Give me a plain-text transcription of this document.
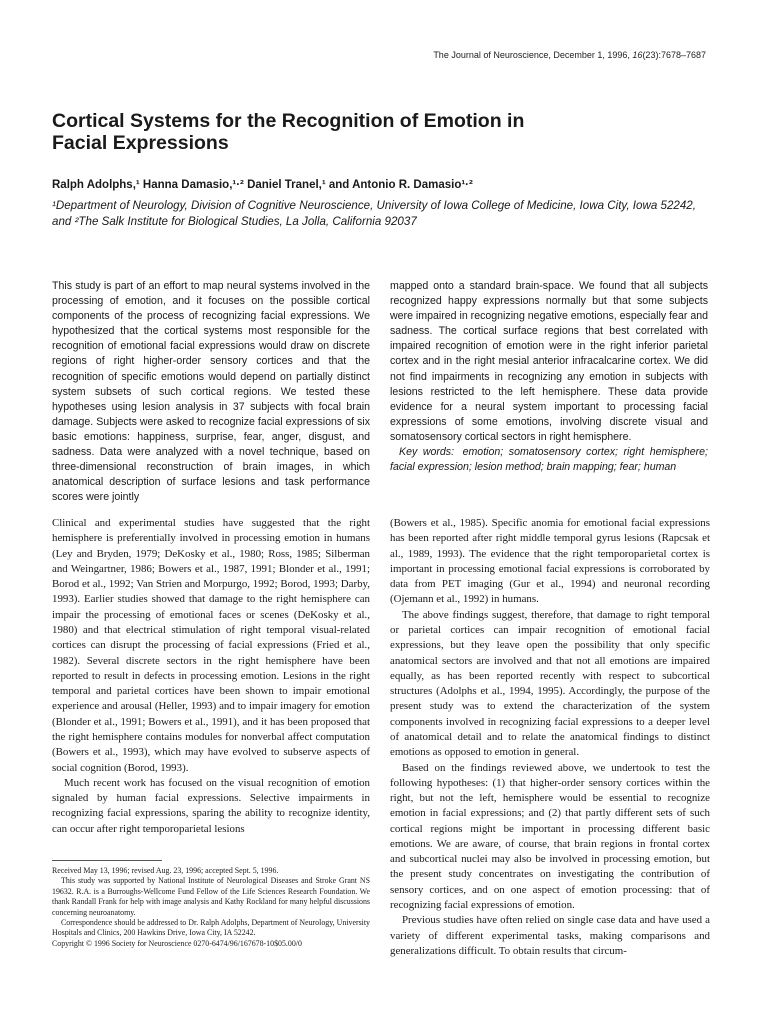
The Journal of Neuroscience, December 1, 1996, 16(23):7678–7687
Cortical Systems for the Recognition of Emotion in
Facial Expressions
Ralph Adolphs,¹ Hanna Damasio,¹·² Daniel Tranel,¹ and Antonio R. Damasio¹·²
¹Department of Neurology, Division of Cognitive Neuroscience, University of Iowa College of Medicine, Iowa City, Iowa 52242, and ²The Salk Institute for Biological Studies, La Jolla, California 92037
This study is part of an effort to map neural systems involved in the processing of emotion, and it focuses on the possible cortical components of the process of recognizing facial expressions. We hypothesized that the cortical systems most responsible for the recognition of emotional facial expressions would draw on discrete regions of right higher-order sensory cortices and that the recognition of specific emotions would depend on partially distinct system subsets of such cortical regions. We tested these hypotheses using lesion analysis in 37 subjects with focal brain damage. Subjects were asked to recognize facial expressions of six basic emotions: happiness, surprise, fear, anger, disgust, and sadness. Data were analyzed with a novel technique, based on three-dimensional reconstruction of brain images, in which anatomical description of surface lesions and task performance scores were jointly
mapped onto a standard brain-space. We found that all subjects recognized happy expressions normally but that some subjects were impaired in recognizing negative emotions, especially fear and sadness. The cortical surface regions that best correlated with impaired recognition of emotion were in the right inferior parietal cortex and in the right mesial anterior infracalcarine cortex. We did not find impairments in recognizing any emotion in subjects with lesions restricted to the left hemisphere. These data provide evidence for a neural system important to processing facial expressions of some emotions, involving discrete visual and somatosensory cortical sectors in right hemisphere.
Key words: emotion; somatosensory cortex; right hemisphere; facial expression; lesion method; brain mapping; fear; human

Clinical and experimental studies have suggested that the right hemisphere is preferentially involved in processing emotion in humans (Ley and Bryden, 1979; DeKosky et al., 1980; Ross, 1985; Silberman and Weingartner, 1986; Bowers et al., 1987, 1991; Blonder et al., 1991; Borod et al., 1992; Van Strien and Morpurgo, 1992; Borod, 1993; Darby, 1993). Earlier studies showed that damage to the right hemisphere can impair the processing of emotional faces or scenes (DeKosky et al., 1980) and that electrical stimulation of right temporal visual-related cortices can disrupt the processing of facial expressions (Fried et al., 1982). Several discrete sectors in the right hemisphere have been reported to result in defects in processing emotion. Lesions in the right temporal and parietal cortices have been shown to impair emotional experience and arousal (Heller, 1993) and to impair imagery for emotion (Blonder et al., 1991; Bowers et al., 1991), and it has been proposed that the right hemisphere contains modules for nonverbal affect computation (Bowers et al., 1993), which may have evolved to subserve aspects of social cognition (Borod, 1993).

Much recent work has focused on the visual recognition of emotion signaled by human facial expressions. Selective impairments in recognizing facial expressions, sparing the ability to recognize identity, can occur after right temporoparietal lesions

(Bowers et al., 1985). Specific anomia for emotional facial expressions has been reported after right middle temporal gyrus lesions (Rapcsak et al., 1989, 1993). The evidence that the right temporoparietal cortex is important in processing emotional facial expressions is corroborated by data from PET imaging (Gur et al., 1994) and neuronal recording (Ojemann et al., 1992) in humans.

The above findings suggest, therefore, that damage to right temporal or parietal cortices can impair recognition of emotional facial expressions, but they leave open the possibility that only specific anatomical sectors are involved and that not all emotions are impaired equally, as has been reported recently with respect to subcortical structures (Adolphs et al., 1994, 1995). Accordingly, the purpose of the present study was to extend the characterization of the system components involved in recognizing facial expressions to a deeper level of anatomical detail and to relate the anatomical findings to distinct emotions as opposed to emotion in general.

Based on the findings reviewed above, we undertook to test the following hypotheses: (1) that higher-order sensory cortices within the right, but not the left, hemisphere would be essential to recognize emotion in facial expressions; and (2) that partly different sets of such cortical regions might be important in processing different basic emotions. We are aware, of course, that brain regions in frontal cortex and subcortical nuclei may also be involved in processing emotion, but the present study concentrates on investigating the contribution of sensory cortices, and on one aspect of emotion processing: that of recognizing facial expressions of emotion.

Previous studies have often relied on single case data and have used a variety of different experimental tasks, making comparisons and generalizations difficult. To obtain results that circum-

Received May 13, 1996; revised Aug. 23, 1996; accepted Sept. 5, 1996.

This study was supported by National Institute of Neurological Diseases and Stroke Grant NS 19632. R.A. is a Burroughs-Wellcome Fund Fellow of the Life Sciences Research Foundation. We thank Randall Frank for help with image analysis and Kathy Rockland for many helpful discussions concerning neuroanatomy.

Correspondence should be addressed to Dr. Ralph Adolphs, Department of Neurology, University Hospitals and Clinics, 200 Hawkins Drive, Iowa City, IA 52242.

Copyright © 1996 Society for Neuroscience 0270-6474/96/167678-10$05.00/0
